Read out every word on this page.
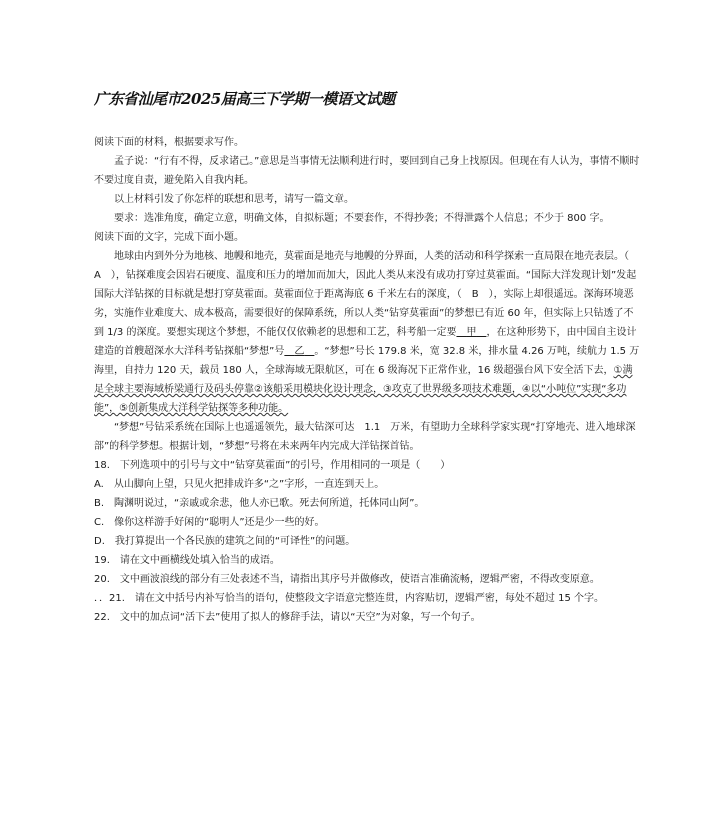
广东省汕尾市2025届高三下学期一模语文试题

阅读下面的材料，根据要求写作。

孟子说：“行有不得，反求诸己。”意思是当事情无法顺利进行时，要回到自己身上找原因。但现在有人认为，事情不顺时不要过度自责，避免陷入自我内耗。

以上材料引发了你怎样的联想和思考，请写一篇文章。

要求：选准角度，确定立意，明确文体，自拟标题；不要套作，不得抄袭；不得泄露个人信息；不少于 800 字。

阅读下面的文字，完成下面小题。

地球由内到外分为地核、地幔和地壳，莫霍面是地壳与地幔的分界面，人类的活动和科学探索一直局限在地壳表层。（　A　），钻探难度会因岩石硬度、温度和压力的增加而加大，因此人类从来没有成功打穿过莫霍面。“国际大洋发现计划”发起国际大洋钻探的目标就是想打穿莫霍面。莫霍面位于距离海底 6 千米左右的深度，（　B　），实际上却很遥远。深海环境恶劣，实施作业难度大、成本极高，需要很好的保障系统，所以人类“钻穿莫霍面”的梦想已有近 60 年，但实际上只钻透了不到 1/3 的深度。要想实现这个梦想，不能仅仅依赖老的思想和工艺，科考船一定要　 甲　 ，在这种形势下，由中国自主设计建造的首艘超深水大洋科考钻探船“梦想”号　 乙　 。“梦想”号长 179.8 米，宽 32.8 米，排水量 4.26 万吨，续航力 1.5 万海里，自持力 120 天，载员 180 人，全球海域无限航区，可在 6 级海况下正常作业，16 级超强台风下安全活下去，①满足全球主要海域桥梁通行及码头停靠②该船采用模块化设计理念，③攻克了世界级多项技术难题，④以“小吨位”实现“多功能”，⑤创新集成大洋科学钻探等多种功能。

“梦想”号钻采系统在国际上也遥遥领先，最大钻深可达　1.1　万米，有望助力全球科学家实现“打穿地壳、进入地球深部”的科学梦想。根据计划，“梦想”号将在未来两年内完成大洋钻探首钻。

18.　下列选项中的引号与文中“钻穿莫霍面”的引号，作用相同的一项是（　　）

A.　从山脚向上望，只见火把排成许多“之”字形，一直连到天上。

B.　陶渊明说过，“亲戚或余悲，他人亦已歌。死去何所道，托体同山阿”。

C.　像你这样游手好闲的“聪明人”还是少一些的好。

D.　我打算提出一个各民族的建筑之间的“可译性”的问题。

19.　请在文中画横线处填入恰当的成语。

20.　文中画波浪线的部分有三处表述不当，请指出其序号并做修改，使语言准确流畅，逻辑严密，不得改变原意。

．．21.　请在文中括号内补写恰当的语句，使整段文字语意完整连贯，内容贴切，逻辑严密，每处不超过 15 个字。

22.　文中的加点词“活下去”使用了拟人的修辞手法，请以“天空”为对象，写一个句子。
